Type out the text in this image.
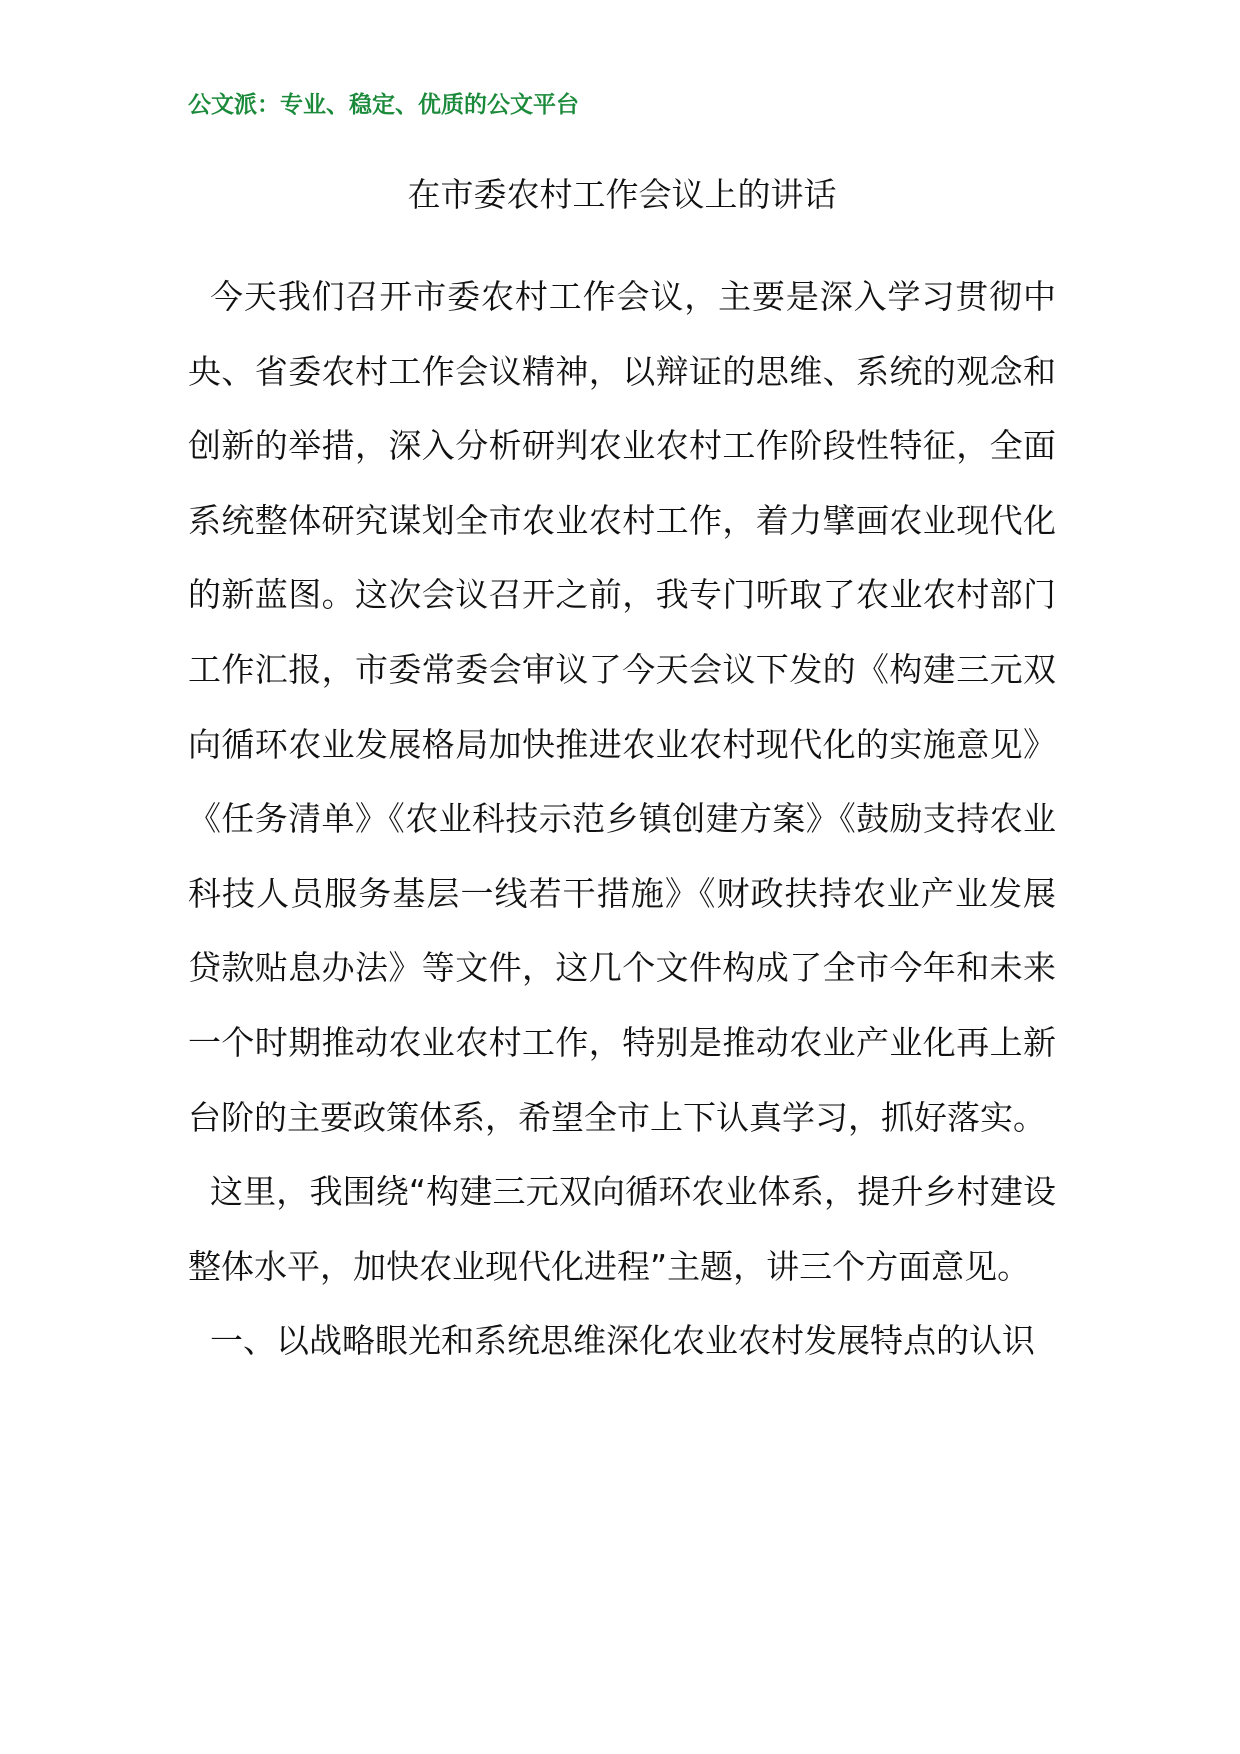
公文派：专业、稳定、优质的公文平台
在市委农村工作会议上的讲话

今天我们召开市委农村工作会议，主要是深入学习贯彻中央、省委农村工作会议精神，以辩证的思维、系统的观念和创新的举措，深入分析研判农业农村工作阶段性特征，全面系统整体研究谋划全市农业农村工作，着力擘画农业现代化的新蓝图。这次会议召开之前，我专门听取了农业农村部门工作汇报，市委常委会审议了今天会议下发的《构建三元双向循环农业发展格局加快推进农业农村现代化的实施意见》《任务清单》《农业科技示范乡镇创建方案》《鼓励支持农业科技人员服务基层一线若干措施》《财政扶持农业产业发展贷款贴息办法》等文件，这几个文件构成了全市今年和未来一个时期推动农业农村工作，特别是推动农业产业化再上新台阶的主要政策体系，希望全市上下认真学习，抓好落实。

这里，我围绕“构建三元双向循环农业体系，提升乡村建设整体水平，加快农业现代化进程”主题，讲三个方面意见。

一、以战略眼光和系统思维深化农业农村发展特点的认识
